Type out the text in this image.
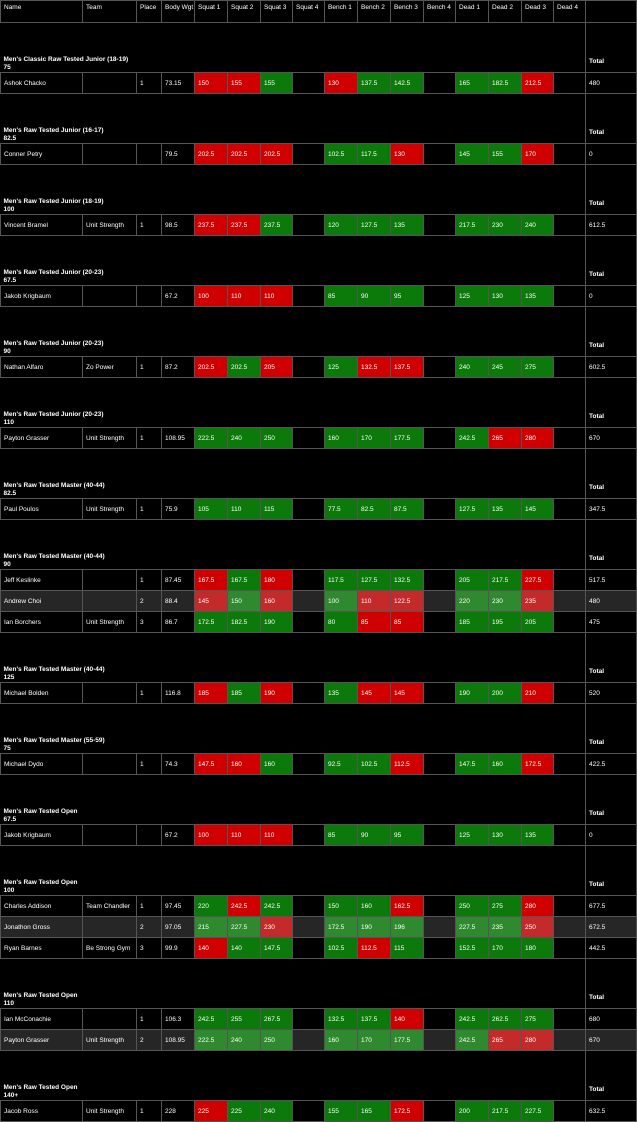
Name	Team	Place	Body Wgt	Squat 1	Squat 2	Squat 3	Squat 4	Bench 1	Bench 2	Bench 3	Bench 4	Dead 1	Dead 2	Dead 3	Dead 4	

Men's Classic Raw Tested Junior (18-19)
75																Total
Ashok Chacko		1	73.15	150	155	155		130	137.5	142.5		165	182.5	212.5		480

Men's Raw Tested Junior (16-17)
82.5																Total
Conner Petry			79.5	202.5	202.5	202.5		102.5	117.5	130		145	155	170		0

Men's Raw Tested Junior (18-19)
100																Total
Vincent Bramel	Unit Strength	1	98.5	237.5	237.5	237.5		120	127.5	135		217.5	230	240		612.5

Men's Raw Tested Junior (20-23)
67.5																Total
Jakob Krigbaum			67.2	100	110	110		85	90	95		125	130	135		0

Men's Raw Tested Junior (20-23)
90																Total
Nathan Alfaro	Zo Power	1	87.2	202.5	202.5	205		125	132.5	137.5		240	245	275		602.5

Men's Raw Tested Junior (20-23)
110																Total
Payton Grasser	Unit Strength	1	108.95	222.5	240	250		160	170	177.5		242.5	265	280		670

Men's Raw Tested Master (40-44)
82.5																Total
Paul Poulos	Unit Strength	1	75.9	105	110	115		77.5	82.5	87.5		127.5	135	145		347.5

Men's Raw Tested Master (40-44)
90																Total
Jeff Keslinke		1	87.45	167.5	167.5	180		117.5	127.5	132.5		205	217.5	227.5		517.5
Andrew Choi		2	88.4	145	150	160		100	110	122.5		220	230	235		480
Ian Borchers	Unit Strength	3	86.7	172.5	182.5	190		80	85	85		185	195	205		475

Men's Raw Tested Master (40-44)
125																Total
Michael Bolden		1	116.8	185	185	190		135	145	145		190	200	210		520

Men's Raw Tested Master (55-59)
75																Total
Michael Dydo		1	74.3	147.5	160	160		92.5	102.5	112.5		147.5	160	172.5		422.5

Men's Raw Tested Open
67.5																Total
Jakob Krigbaum			67.2	100	110	110		85	90	95		125	130	135		0

Men's Raw Tested Open
100																Total
Charles Addison	Team Chandler	1	97.45	220	242.5	242.5		150	160	162.5		250	275	280		677.5
Jonathon Gross		2	97.05	215	227.5	230		172.5	190	196		227.5	235	250		672.5
Ryan Barnes	Be Strong Gym	3	99.9	140	140	147.5		102.5	112.5	115		152.5	170	180		442.5

Men's Raw Tested Open
110																Total
Ian McConachie		1	106.3	242.5	255	267.5		132.5	137.5	140		242.5	262.5	275		680
Payton Grasser	Unit Strength	2	108.95	222.5	240	250		160	170	177.5		242.5	265	280		670

Men's Raw Tested Open
140+																Total
Jacob Ross	Unit Strength	1	228	225	225	240		155	165	172.5		200	217.5	227.5		632.5
